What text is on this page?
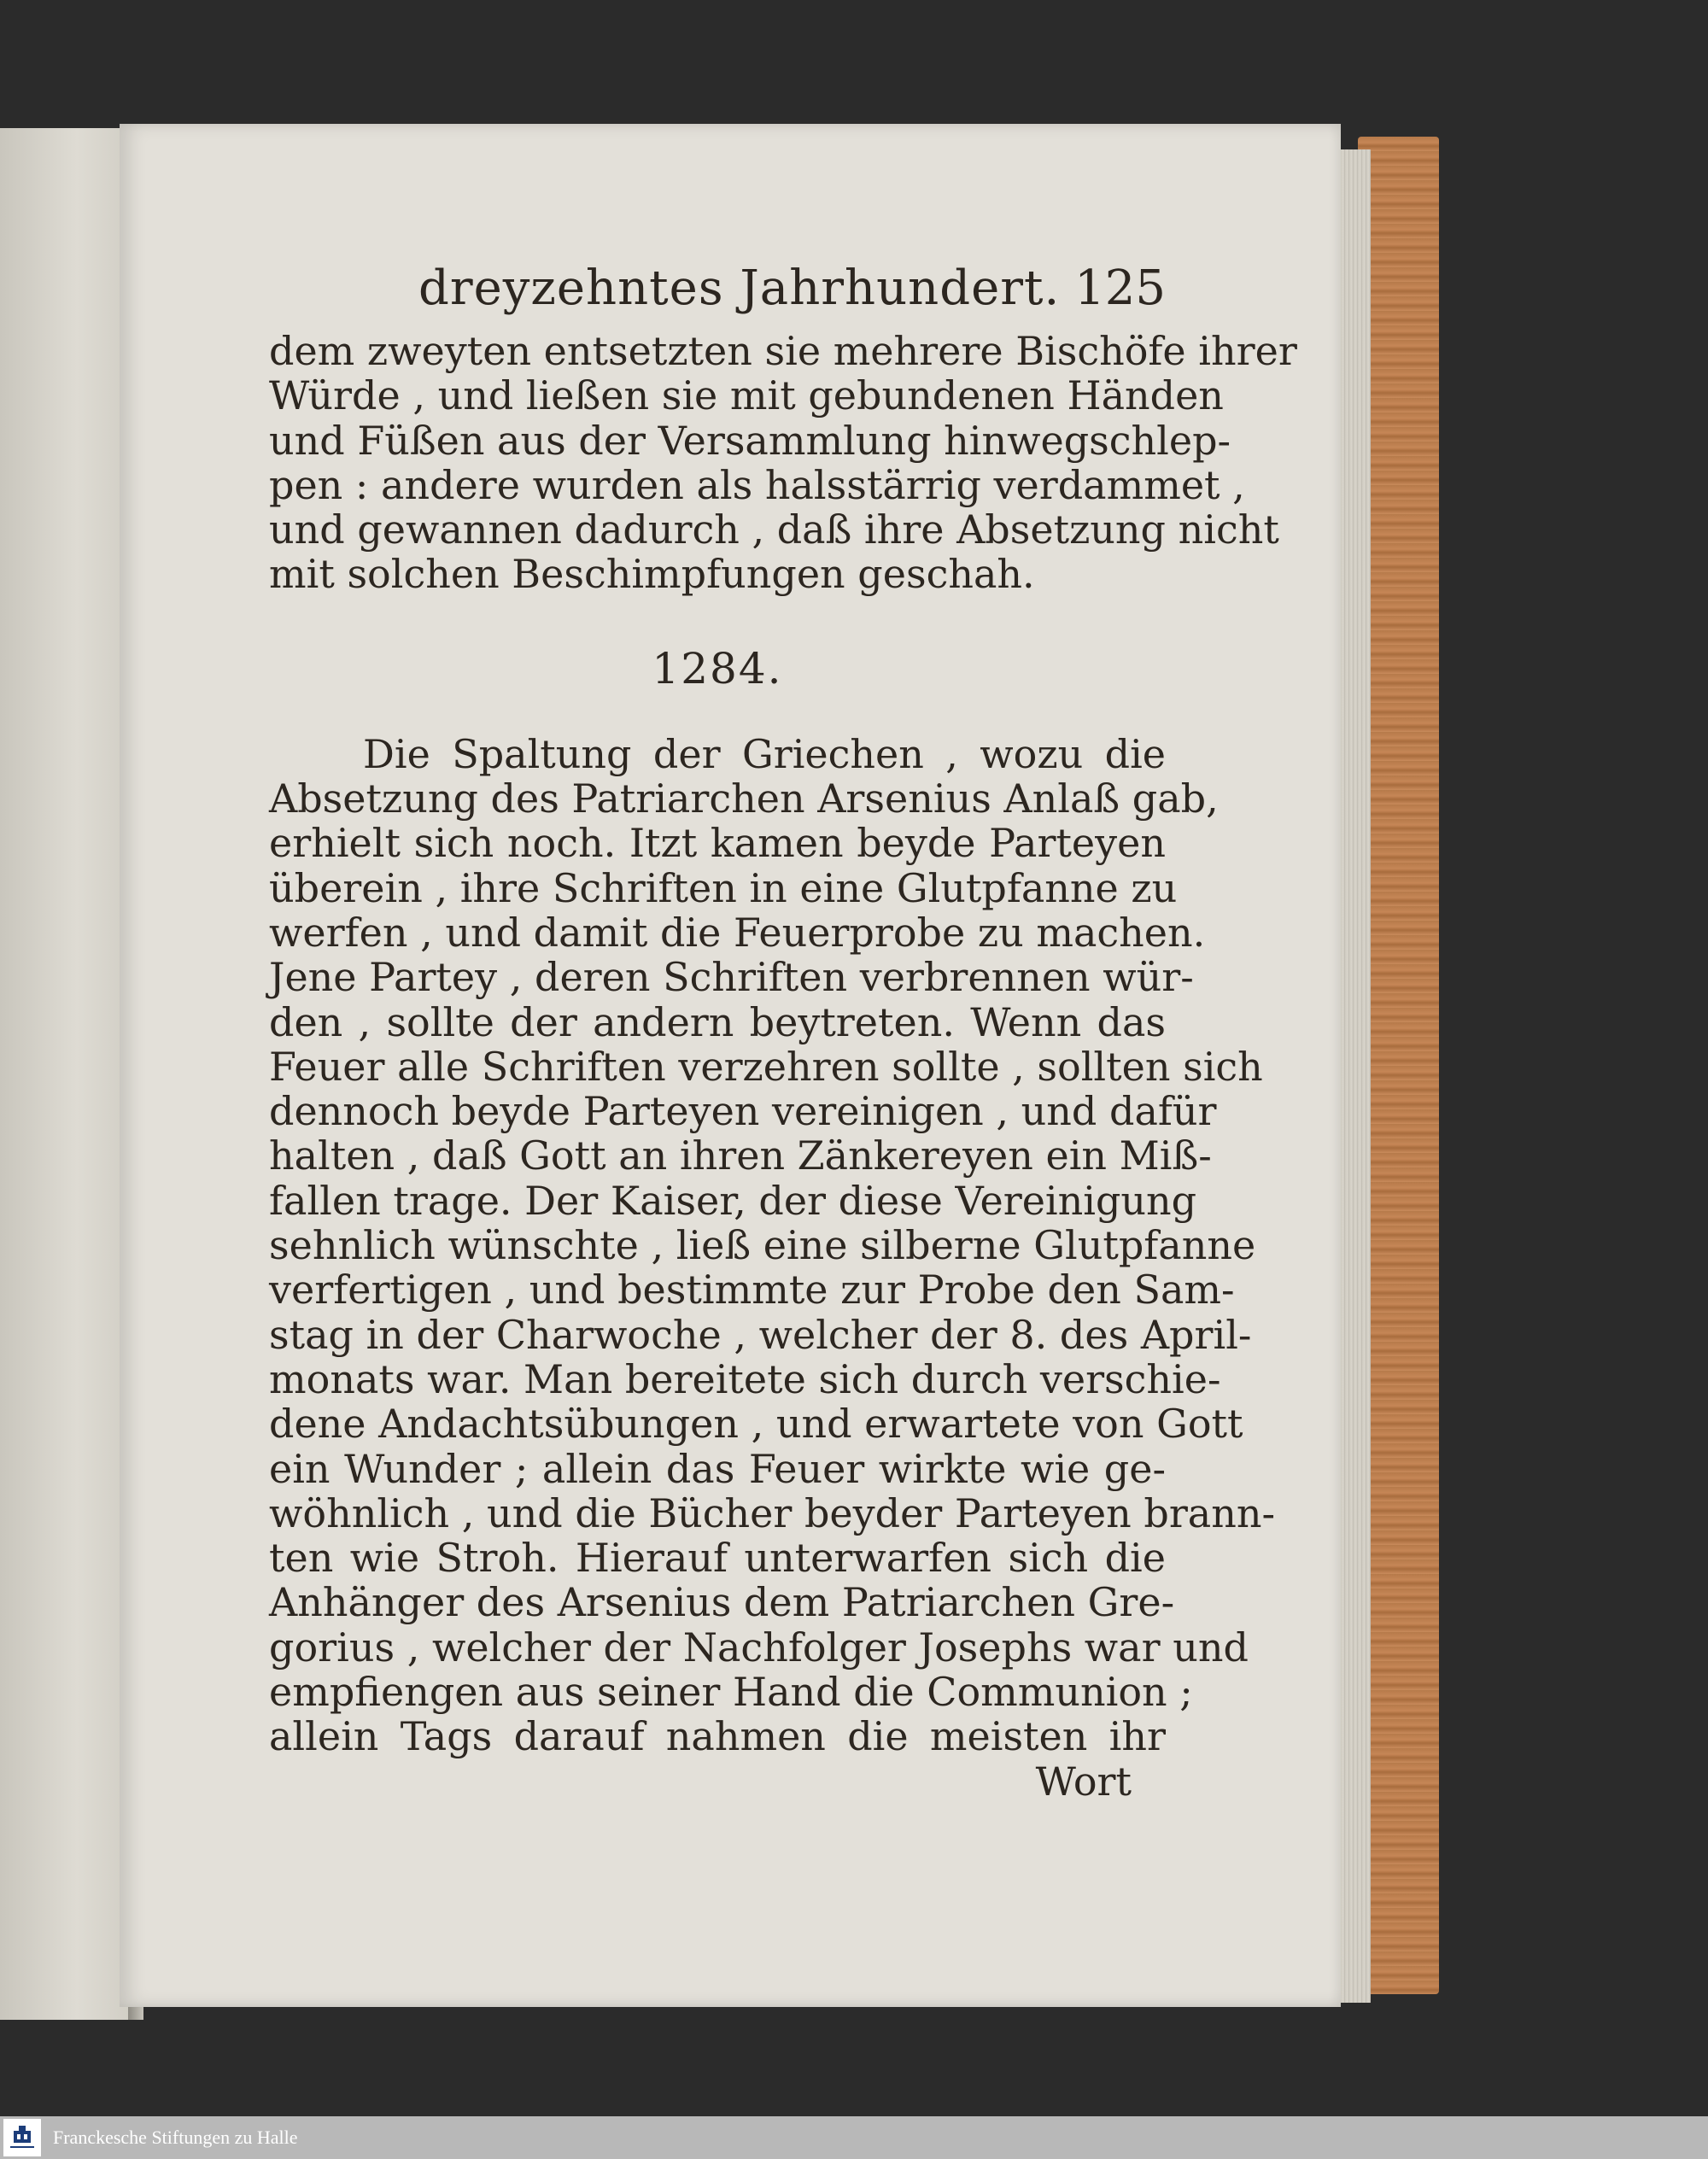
dreyzehntes Jahrhundert. 125
dem zweyten entsetzten sie mehrere Bischöfe ihrer
Würde , und ließen sie mit gebundenen Händen
und Füßen aus der Versammlung hinwegschlep-
pen : andere wurden als halsstärrig verdammet ,
und gewannen dadurch , daß ihre Absetzung nicht
mit solchen Beschimpfungen geschah.
1284.
Die Spaltung der Griechen , wozu die
Absetzung des Patriarchen Arsenius Anlaß gab,
erhielt sich noch. Itzt kamen beyde Parteyen
überein , ihre Schriften in eine Glutpfanne zu
werfen , und damit die Feuerprobe zu machen.
Jene Partey , deren Schriften verbrennen wür-
den , sollte der andern beytreten. Wenn das
Feuer alle Schriften verzehren sollte , sollten sich
dennoch beyde Parteyen vereinigen , und dafür
halten , daß Gott an ihren Zänkereyen ein Miß-
fallen trage. Der Kaiser, der diese Vereinigung
sehnlich wünschte , ließ eine silberne Glutpfanne
verfertigen , und bestimmte zur Probe den Sam-
stag in der Charwoche , welcher der 8. des April-
monats war. Man bereitete sich durch verschie-
dene Andachtsübungen , und erwartete von Gott
ein Wunder ; allein das Feuer wirkte wie ge-
wöhnlich , und die Bücher beyder Parteyen brann-
ten wie Stroh. Hierauf unterwarfen sich die
Anhänger des Arsenius dem Patriarchen Gre-
gorius , welcher der Nachfolger Josephs war und
empfiengen aus seiner Hand die Communion ;
allein Tags darauf nahmen die meisten ihr
Wort
Franckesche Stiftungen zu Halle
